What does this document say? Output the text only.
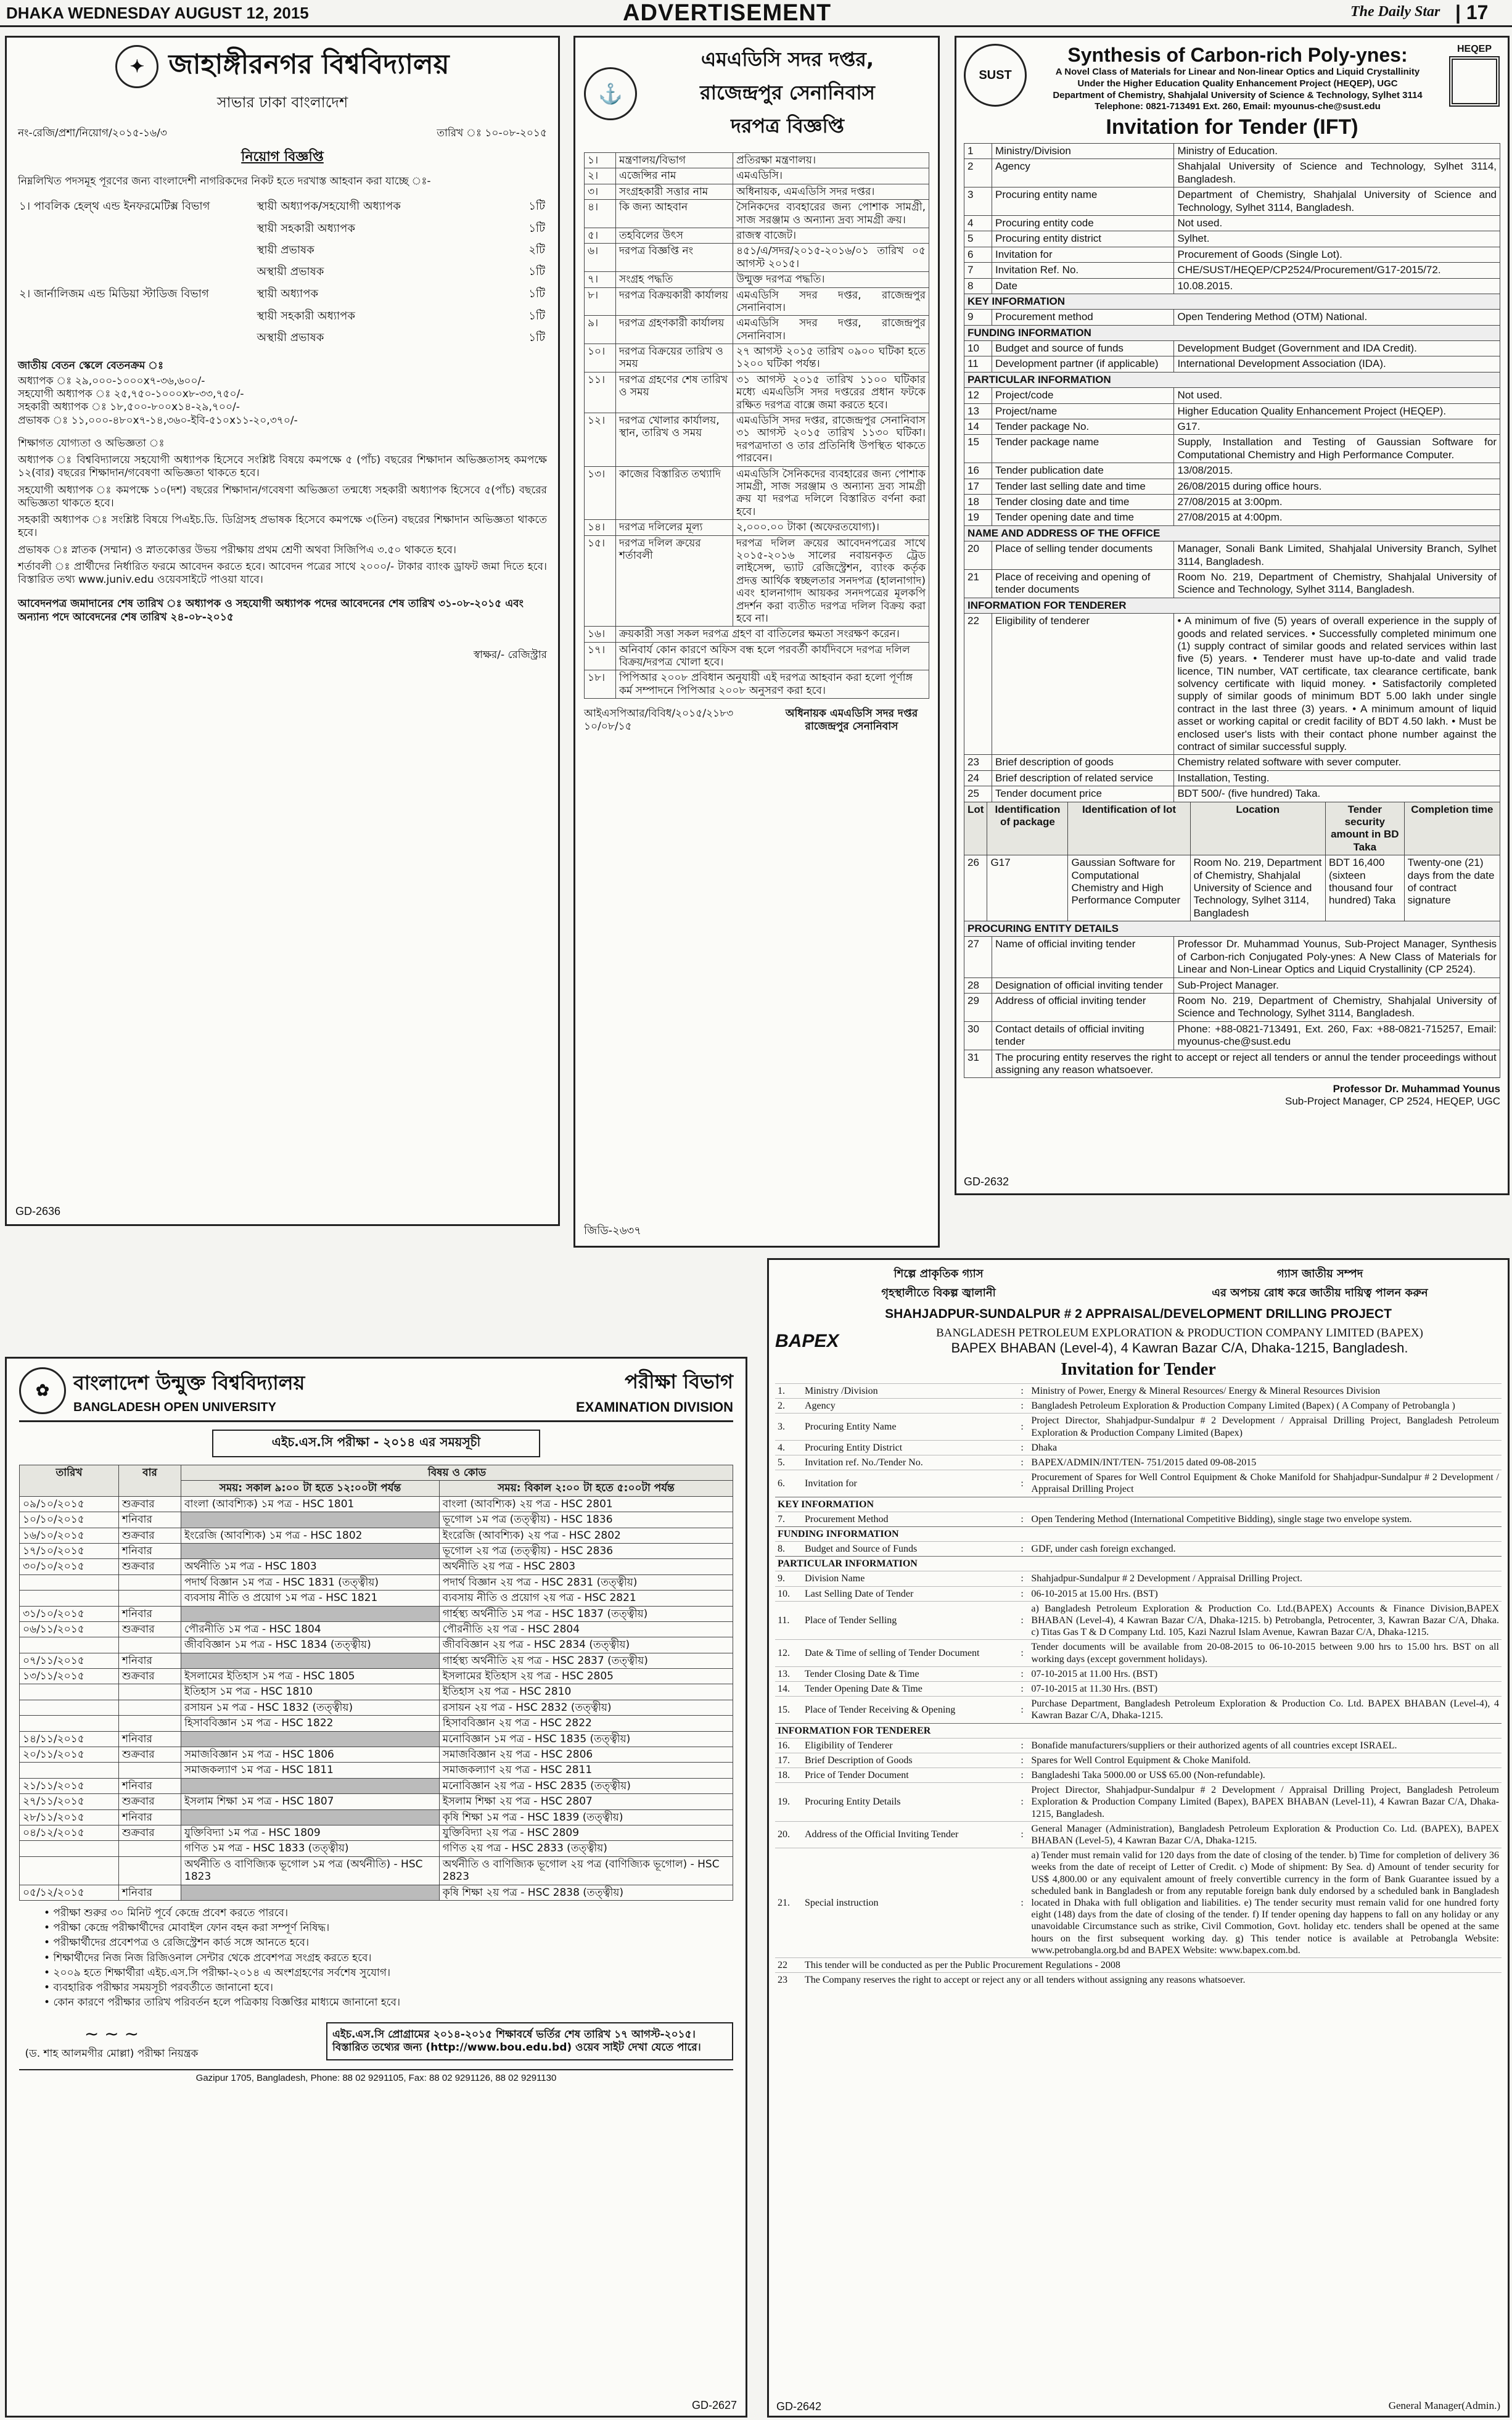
DHAKA WEDNESDAY AUGUST 12, 2015	ADVERTISEMENT	The Daily Star | 17
✦ জাহাঙ্গীরনগর বিশ্ববিদ্যালয়
সাভার ঢাকা বাংলাদেশ
নং-রেজি/প্রশা/নিয়োগ/২০১৫-১৬/৩	তারিখ ঃ ১০-০৮-২০১৫
নিয়োগ বিজ্ঞপ্তি
নিম্নলিখিত পদসমূহ পূরণের জন্য বাংলাদেশী নাগরিকদের নিকট হতে দরখাস্ত আহবান করা যাচ্ছে ঃ-
১। পাবলিক হেল্থ এন্ড ইনফরমেটিক্স বিভাগ	স্থায়ী অধ্যাপক/সহযোগী অধ্যাপক	১টি
	স্থায়ী সহকারী অধ্যাপক	১টি
	স্থায়ী প্রভাষক	২টি
	অস্থায়ী প্রভাষক	১টি
২। জার্নালিজম এন্ড মিডিয়া স্টাডিজ বিভাগ	স্থায়ী অধ্যাপক	১টি
	স্থায়ী সহকারী অধ্যাপক	১টি
	অস্থায়ী প্রভাষক	১টি
জাতীয় বেতন স্কেলে বেতনক্রম ঃ
অধ্যাপক ঃ ২৯,০০০-১০০০x৭-৩৬,৬০০/-
সহযোগী অধ্যাপক ঃ ২৫,৭৫০-১০০০x৮-৩৩,৭৫০/-
সহকারী অধ্যাপক ঃ ১৮,৫০০-৮০০x১৪-২৯,৭০০/-
প্রভাষক ঃ ১১,০০০-৪৮০x৭-১৪,৩৬০-ইবি-৫১০x১১-২০,৩৭০/-

শিক্ষাগত যোগ্যতা ও অভিজ্ঞতা ঃ

অধ্যাপক ঃ বিশ্ববিদ্যালয়ে সহযোগী অধ্যাপক হিসেবে সংশ্লিষ্ট বিষয়ে কমপক্ষে ৫ (পাঁচ) বছরের শিক্ষাদান অভিজ্ঞতাসহ কমপক্ষে ১২(বার) বছরের শিক্ষাদান/গবেষণা অভিজ্ঞতা থাকতে হবে।

সহযোগী অধ্যাপক ঃ কমপক্ষে ১০(দশ) বছরের শিক্ষাদান/গবেষণা অভিজ্ঞতা তন্মধ্যে সহকারী অধ্যাপক হিসেবে ৫(পাঁচ) বছরের অভিজ্ঞতা থাকতে হবে।

সহকারী অধ্যাপক ঃ সংশ্লিষ্ট বিষয়ে পিএইচ.ডি. ডিগ্রিসহ প্রভাষক হিসেবে কমপক্ষে ৩(তিন) বছরের শিক্ষাদান অভিজ্ঞতা থাকতে হবে।

প্রভাষক ঃ স্নাতক (সম্মান) ও স্নাতকোত্তর উভয় পরীক্ষায় প্রথম শ্রেণী অথবা সিজিপিএ ৩.৫০ থাকতে হবে।

শর্তাবলী ঃ প্রার্থীদের নির্ধারিত ফরমে আবেদন করতে হবে। আবেদন পত্রের সাথে ২০০০/- টাকার ব্যাংক ড্রাফট জমা দিতে হবে। বিস্তারিত তথ্য www.juniv.edu ওয়েবসাইটে পাওয়া যাবে।

আবেদনপত্র জমাদানের শেষ তারিখ ঃ অধ্যাপক ও সহযোগী অধ্যাপক পদের আবেদনের শেষ তারিখ ৩১-০৮-২০১৫ এবং অন্যান্য পদে আবেদনের শেষ তারিখ ২৪-০৮-২০১৫
স্বাক্ষর/- রেজিস্ট্রার
GD-2636
⚓
এমএডিসি সদর দপ্তর,
রাজেন্দ্রপুর সেনানিবাস
দরপত্র বিজ্ঞপ্তি
১।	মন্ত্রণালয়/বিভাগ	প্রতিরক্ষা মন্ত্রণালয়।
২।	এজেন্সির নাম	এমএডিসি।
৩।	সংগ্রহকারী সত্তার নাম	অধিনায়ক, এমএডিসি সদর দপ্তর।
৪।	কি জন্য আহবান	সৈনিকদের ব্যবহারের জন্য পোশাক সামগ্রী, সাজ সরঞ্জাম ও অন্যান্য দ্রব্য সামগ্রী ক্রয়।
৫।	তহবিলের উৎস	রাজস্ব বাজেট।
৬।	দরপত্র বিজ্ঞপ্তি নং	৪৫১/এ/সদর/২০১৫-২০১৬/০১ তারিখ ০৫ আগস্ট ২০১৫।
৭।	সংগ্রহ পদ্ধতি	উন্মুক্ত দরপত্র পদ্ধতি।
৮।	দরপত্র বিক্রয়কারী কার্যালয়	এমএডিসি সদর দপ্তর, রাজেন্দ্রপুর সেনানিবাস।
৯।	দরপত্র গ্রহণকারী কার্যালয়	এমএডিসি সদর দপ্তর, রাজেন্দ্রপুর সেনানিবাস।
১০।	দরপত্র বিক্রয়ের তারিখ ও সময়	২৭ আগস্ট ২০১৫ তারিখ ০৯০০ ঘটিকা হতে ১২০০ ঘটিকা পর্যন্ত।
১১।	দরপত্র গ্রহণের শেষ তারিখ ও সময়	৩১ আগস্ট ২০১৫ তারিখ ১১০০ ঘটিকার মধ্যে এমএডিসি সদর দপ্তরের প্রধান ফটকে রক্ষিত দরপত্র বাক্সে জমা করতে হবে।
১২।	দরপত্র খোলার কার্যালয়, স্থান, তারিখ ও সময়	এমএডিসি সদর দপ্তর, রাজেন্দ্রপুর সেনানিবাস ৩১ আগস্ট ২০১৫ তারিখ ১১৩০ ঘটিকা। দরপত্রদাতা ও তার প্রতিনিধি উপস্থিত থাকতে পারবেন।
১৩।	কাজের বিস্তারিত তথ্যাদি	এমএডিসি সৈনিকদের ব্যবহারের জন্য পোশাক সামগ্রী, সাজ সরঞ্জাম ও অন্যান্য দ্রব্য সামগ্রী ক্রয় যা দরপত্র দলিলে বিস্তারিত বর্ণনা করা হবে।
১৪।	দরপত্র দলিলের মূল্য	২,০০০.০০ টাকা (অফেরতযোগ্য)।
১৫।	দরপত্র দলিল ক্রয়ের শর্তাবলী	দরপত্র দলিল ক্রয়ের আবেদনপত্রের সাথে ২০১৫-২০১৬ সালের নবায়নকৃত ট্রেড লাইসেন্স, ভ্যাট রেজিস্ট্রেশন, ব্যাংক কর্তৃক প্রদত্ত আর্থিক স্বচ্ছলতার সনদপত্র (হালনাগাদ) এবং হালনাগাদ আয়কর সনদপত্রের মূলকপি প্রদর্শন করা ব্যতীত দরপত্র দলিল বিক্রয় করা হবে না।
১৬।	ক্রয়কারী সত্তা সকল দরপত্র গ্রহণ বা বাতিলের ক্ষমতা সংরক্ষণ করেন।	
১৭।	অনিবার্য কোন কারণে অফিস বন্ধ হলে পরবর্তী কার্যদিবসে দরপত্র দলিল বিক্রয়/দরপত্র খোলা হবে।	
১৮।	পিপিআর ২০০৮ প্রবিধান অনুযায়ী এই দরপত্র আহবান করা হলো পূর্ণাঙ্গ কর্ম সম্পাদনে পিপিআর ২০০৮ অনুসরণ করা হবে।	
আইএসপিআর/বিবিধ/২০১৫/২১৮৩ ১০/০৮/১৫
অধিনায়ক এমএডিসি সদর দপ্তর রাজেন্দ্রপুর সেনানিবাস
জিডি-২৬৩৭
SUST
Synthesis of Carbon-rich Poly-ynes:
A Novel Class of Materials for Linear and Non-linear Optics and Liquid Crystallinity
Under the Higher Education Quality Enhancement Project (HEQEP), UGC
Department of Chemistry, Shahjalal University of Science & Technology, Sylhet 3114
Telephone: 0821-713491 Ext. 260, Email: myounus-che@sust.edu
HEQEP
Invitation for Tender (IFT)
1	Ministry/Division	Ministry of Education.
2	Agency	Shahjalal University of Science and Technology, Sylhet 3114, Bangladesh.
3	Procuring entity name	Department of Chemistry, Shahjalal University of Science and Technology, Sylhet 3114, Bangladesh.
4	Procuring entity code	Not used.
5	Procuring entity district	Sylhet.
6	Invitation for	Procurement of Goods (Single Lot).
7	Invitation Ref. No.	CHE/SUST/HEQEP/CP2524/Procurement/G17-2015/72.
8	Date	10.08.2015.
KEY INFORMATION		
9	Procurement method	Open Tendering Method (OTM) National.
FUNDING INFORMATION		
10	Budget and source of funds	Development Budget (Government and IDA Credit).
11	Development partner (if applicable)	International Development Association (IDA).
PARTICULAR INFORMATION		
12	Project/code	Not used.
13	Project/name	Higher Education Quality Enhancement Project (HEQEP).
14	Tender package No.	G17.
15	Tender package name	Supply, Installation and Testing of Gaussian Software for Computational Chemistry and High Performance Computer.
16	Tender publication date	13/08/2015.
17	Tender last selling date and time	26/08/2015 during office hours.
18	Tender closing date and time	27/08/2015 at 3:00pm.
19	Tender opening date and time	27/08/2015 at 4:00pm.
NAME AND ADDRESS OF THE OFFICE		
20	Place of selling tender documents	Manager, Sonali Bank Limited, Shahjalal University Branch, Sylhet 3114, Bangladesh.
21	Place of receiving and opening of tender documents	Room No. 219, Department of Chemistry, Shahjalal University of Science and Technology, Sylhet 3114, Bangladesh.
INFORMATION FOR TENDERER		
22	Eligibility of tenderer	• A minimum of five (5) years of overall experience in the supply of goods and related services. • Successfully completed minimum one (1) supply contract of similar goods and related services within last five (5) years. • Tenderer must have up-to-date and valid trade licence, TIN number, VAT certificate, tax clearance certificate, bank solvency certificate with liquid money. • Satisfactorily completed supply of similar goods of minimum BDT 5.00 lakh under single contract in the last three (3) years. • A minimum amount of liquid asset or working capital or credit facility of BDT 4.50 lakh. • Must be enclosed user's lists with their contact phone number against the contract of similar successful supply.
23	Brief description of goods	Chemistry related software with sever computer.
24	Brief description of related service	Installation, Testing.
25	Tender document price	BDT 500/- (five hundred) Taka.
Lot	Identification of package	Identification of lot	Location	Tender security amount in BD Taka	Completion time
26	G17	Gaussian Software for Computational Chemistry and High Performance Computer	Room No. 219, Department of Chemistry, Shahjalal University of Science and Technology, Sylhet 3114, Bangladesh	BDT 16,400 (sixteen thousand four hundred) Taka	Twenty-one (21) days from the date of contract signature
PROCURING ENTITY DETAILS		
27	Name of official inviting tender	Professor Dr. Muhammad Younus, Sub-Project Manager, Synthesis of Carbon-rich Conjugated Poly-ynes: A New Class of Materials for Linear and Non-Linear Optics and Liquid Crystallinity (CP 2524).
28	Designation of official inviting tender	Sub-Project Manager.
29	Address of official inviting tender	Room No. 219, Department of Chemistry, Shahjalal University of Science and Technology, Sylhet 3114, Bangladesh.
30	Contact details of official inviting tender	Phone: +88-0821-713491, Ext. 260, Fax: +88-0821-715257, Email: myounus-che@sust.edu
31	The procuring entity reserves the right to accept or reject all tenders or annul the tender proceedings without assigning any reason whatsoever.	
Professor Dr. Muhammad Younus
Sub-Project Manager, CP 2524, HEQEP, UGC
GD-2632
✿	বাংলাদেশ উন্মুক্ত বিশ্ববিদ্যালয়
BANGLADESH OPEN UNIVERSITY
পরীক্ষা বিভাগ
EXAMINATION DIVISION
এইচ.এস.সি পরীক্ষা - ২০১৪ এর সময়সূচী
তারিখ	বার	বিষয় ও কোড	
		সময়: সকাল ৯:০০ টা হতে ১২:০০টা পর্যন্ত	সময়: বিকাল ২:০০ টা হতে ৫:০০টা পর্যন্ত
০৯/১০/২০১৫	শুক্রবার	বাংলা (আবশ্যিক) ১ম পত্র - HSC 1801	বাংলা (আবশ্যিক) ২য় পত্র - HSC 2801
১০/১০/২০১৫	শনিবার		ভূগোল ১ম পত্র (তত্ত্বীয়) - HSC 1836
১৬/১০/২০১৫	শুক্রবার	ইংরেজি (আবশ্যিক) ১ম পত্র - HSC 1802	ইংরেজি (আবশ্যিক) ২য় পত্র - HSC 2802
১৭/১০/২০১৫	শনিবার		ভূগোল ২য় পত্র (তত্ত্বীয়) - HSC 2836
৩০/১০/২০১৫	শুক্রবার	অর্থনীতি ১ম পত্র - HSC 1803	অর্থনীতি ২য় পত্র - HSC 2803
		পদার্থ বিজ্ঞান ১ম পত্র - HSC 1831 (তত্ত্বীয়)	পদার্থ বিজ্ঞান ২য় পত্র - HSC 2831 (তত্ত্বীয়)
		ব্যবসায় নীতি ও প্রয়োগ ১ম পত্র - HSC 1821	ব্যবসায় নীতি ও প্রয়োগ ২য় পত্র - HSC 2821
৩১/১০/২০১৫	শনিবার		গার্হস্থ্য অর্থনীতি ১ম পত্র - HSC 1837 (তত্ত্বীয়)
০৬/১১/২০১৫	শুক্রবার	পৌরনীতি ১ম পত্র - HSC 1804	পৌরনীতি ২য় পত্র - HSC 2804
		জীববিজ্ঞান ১ম পত্র - HSC 1834 (তত্ত্বীয়)	জীববিজ্ঞান ২য় পত্র - HSC 2834 (তত্ত্বীয়)
০৭/১১/২০১৫	শনিবার		গার্হস্থ্য অর্থনীতি ২য় পত্র - HSC 2837 (তত্ত্বীয়)
১৩/১১/২০১৫	শুক্রবার	ইসলামের ইতিহাস ১ম পত্র - HSC 1805	ইসলামের ইতিহাস ২য় পত্র - HSC 2805
		ইতিহাস ১ম পত্র - HSC 1810	ইতিহাস ২য় পত্র - HSC 2810
		রসায়ন ১ম পত্র - HSC 1832 (তত্ত্বীয়)	রসায়ন ২য় পত্র - HSC 2832 (তত্ত্বীয়)
		হিসাববিজ্ঞান ১ম পত্র - HSC 1822	হিসাববিজ্ঞান ২য় পত্র - HSC 2822
১৪/১১/২০১৫	শনিবার		মনোবিজ্ঞান ১ম পত্র - HSC 1835 (তত্ত্বীয়)
২০/১১/২০১৫	শুক্রবার	সমাজবিজ্ঞান ১ম পত্র - HSC 1806	সমাজবিজ্ঞান ২য় পত্র - HSC 2806
		সমাজকল্যাণ ১ম পত্র - HSC 1811	সমাজকল্যাণ ২য় পত্র - HSC 2811
২১/১১/২০১৫	শনিবার		মনোবিজ্ঞান ২য় পত্র - HSC 2835 (তত্ত্বীয়)
২৭/১১/২০১৫	শুক্রবার	ইসলাম শিক্ষা ১ম পত্র - HSC 1807	ইসলাম শিক্ষা ২য় পত্র - HSC 2807
২৮/১১/২০১৫	শনিবার		কৃষি শিক্ষা ১ম পত্র - HSC 1839 (তত্ত্বীয়)
০৪/১২/২০১৫	শুক্রবার	যুক্তিবিদ্যা ১ম পত্র - HSC 1809	যুক্তিবিদ্যা ২য় পত্র - HSC 2809
		গণিত ১ম পত্র - HSC 1833 (তত্ত্বীয়)	গণিত ২য় পত্র - HSC 2833 (তত্ত্বীয়)
		অর্থনীতি ও বাণিজ্যিক ভূগোল ১ম পত্র (অর্থনীতি) - HSC 1823	অর্থনীতি ও বাণিজ্যিক ভূগোল ২য় পত্র (বাণিজ্যিক ভূগোল) - HSC 2823
০৫/১২/২০১৫	শনিবার		কৃষি শিক্ষা ২য় পত্র - HSC 2838 (তত্ত্বীয়)
• পরীক্ষা শুরুর ৩০ মিনিট পূর্বে কেন্দ্রে প্রবেশ করতে পারবে।
• পরীক্ষা কেন্দ্রে পরীক্ষার্থীদের মোবাইল ফোন বহন করা সম্পূর্ণ নিষিদ্ধ।
• পরীক্ষার্থীদের প্রবেশপত্র ও রেজিস্ট্রেশন কার্ড সঙ্গে আনতে হবে।
• শিক্ষার্থীদের নিজ নিজ রিজিওনাল সেন্টার থেকে প্রবেশপত্র সংগ্রহ করতে হবে।
• ২০০৯ হতে শিক্ষার্থীরা এইচ.এস.সি পরীক্ষা-২০১৪ এ অংশগ্রহণের সর্বশেষ সুযোগ।
• ব্যবহারিক পরীক্ষার সময়সূচী পরবর্তীতে জানানো হবে।
• কোন কারণে পরীক্ষার তারিখ পরিবর্তন হলে পত্রিকায় বিজ্ঞপ্তির মাধ্যমে জানানো হবে।
~ ~ ~
(ড. শাহ আলমগীর মোল্লা) পরীক্ষা নিয়ন্ত্রক
এইচ.এস.সি প্রোগ্রামের ২০১৪-২০১৫ শিক্ষাবর্ষে ভর্তির শেষ তারিখ ১৭ আগস্ট-২০১৫। বিস্তারিত তথ্যের জন্য (http://www.bou.edu.bd) ওয়েব সাইট দেখা যেতে পারে।
Gazipur 1705, Bangladesh, Phone: 88 02 9291105, Fax: 88 02 9291126, 88 02 9291130
GD-2627
শিল্পে প্রাকৃতিক গ্যাস
গৃহস্থালীতে বিকল্প জ্বালানী
গ্যাস জাতীয় সম্পদ
এর অপচয় রোধ করে জাতীয় দায়িত্ব পালন করুন
SHAHJADPUR-SUNDALPUR # 2 APPRAISAL/DEVELOPMENT DRILLING PROJECT
BAPEX	BANGLADESH PETROLEUM EXPLORATION & PRODUCTION COMPANY LIMITED (BAPEX)
BAPEX BHABAN (Level-4), 4 Kawran Bazar C/A, Dhaka-1215, Bangladesh.
Invitation for Tender
1.	Ministry /Division	:	Ministry of Power, Energy & Mineral Resources/ Energy & Mineral Resources Division
2.	Agency	:	Bangladesh Petroleum Exploration & Production Company Limited (Bapex) ( A Company of Petrobangla )
3.	Procuring Entity Name	:	Project Director, Shahjadpur-Sundalpur # 2 Development / Appraisal Drilling Project, Bangladesh Petroleum Exploration & Production Company Limited (Bapex)
4.	Procuring Entity District	:	Dhaka
5.	Invitation ref. No./Tender No.	:	BAPEX/ADMIN/INT/TEN- 751/2015 dated 09-08-2015
6.	Invitation for	:	Procurement of Spares for Well Control Equipment & Choke Manifold for Shahjadpur-Sundalpur # 2 Development / Appraisal Drilling Project
KEY INFORMATION			
7.	Procurement Method	:	Open Tendering Method (International Competitive Bidding), single stage two envelope system.
FUNDING INFORMATION			
8.	Budget and Source of Funds	:	GDF, under cash foreign exchanged.
PARTICULAR INFORMATION			
9.	Division Name	:	Shahjadpur-Sundalpur # 2 Development / Appraisal Drilling Project.
10.	Last Selling Date of Tender	:	06-10-2015 at 15.00 Hrs. (BST)
11.	Place of Tender Selling	:	a) Bangladesh Petroleum Exploration & Production Co. Ltd.(BAPEX) Accounts & Finance Division,BAPEX BHABAN (Level-4), 4 Kawran Bazar C/A, Dhaka-1215. b) Petrobangla, Petrocenter, 3, Kawran Bazar C/A, Dhaka. c) Titas Gas T & D Company Ltd. 105, Kazi Nazrul Islam Avenue, Kawran Bazar C/A, Dhaka-1215.
12.	Date & Time of selling of Tender Document	:	Tender documents will be available from 20-08-2015 to 06-10-2015 between 9.00 hrs to 15.00 hrs. BST on all working days (except government holidays).
13.	Tender Closing Date & Time	:	07-10-2015 at 11.00 Hrs. (BST)
14.	Tender Opening Date & Time	:	07-10-2015 at 11.30 Hrs. (BST)
15.	Place of Tender Receiving & Opening	:	Purchase Department, Bangladesh Petroleum Exploration & Production Co. Ltd. BAPEX BHABAN (Level-4), 4 Kawran Bazar C/A, Dhaka-1215.
INFORMATION FOR TENDERER			
16.	Eligibility of Tenderer	:	Bonafide manufacturers/suppliers or their authorized agents of all countries except ISRAEL.
17.	Brief Description of Goods	:	Spares for Well Control Equipment & Choke Manifold.
18.	Price of Tender Document	:	Bangladeshi Taka 5000.00 or US$ 65.00 (Non-refundable).
19.	Procuring Entity Details	:	Project Director, Shahjadpur-Sundalpur # 2 Development / Appraisal Drilling Project, Bangladesh Petroleum Exploration & Production Company Limited (Bapex), BAPEX BHABAN (Level-11), 4 Kawran Bazar C/A, Dhaka-1215, Bangladesh.
20.	Address of the Official Inviting Tender	:	General Manager (Administration), Bangladesh Petroleum Exploration & Production Co. Ltd. (BAPEX), BAPEX BHABAN (Level-5), 4 Kawran Bazar C/A, Dhaka-1215.
21.	Special instruction	:	a) Tender must remain valid for 120 days from the date of closing of the tender. b) Time for completion of delivery 36 weeks from the date of receipt of Letter of Credit. c) Mode of shipment: By Sea. d) Amount of tender security for US$ 4,800.00 or any equivalent amount of freely convertible currency in the form of Bank Guarantee issued by a scheduled bank in Bangladesh or from any reputable foreign bank duly endorsed by a scheduled bank in Bangladesh located in Dhaka with full obligation and liabilities. e) The tender security must remain valid for one hundred forty eight (148) days from the date of closing of the tender. f) If tender opening day happens to fall on any holiday or any unavoidable Circumstance such as strike, Civil Commotion, Govt. holiday etc. tenders shall be opened at the same hours on the first subsequent working day. g) This tender notice is available at Petrobangla Website: www.petrobangla.org.bd and BAPEX Website: www.bapex.com.bd.
22	This tender will be conducted as per the Public Procurement Regulations - 2008		
23	The Company reserves the right to accept or reject any or all tenders without assigning any reasons whatsoever.		
General Manager(Admin.)
GD-2642
